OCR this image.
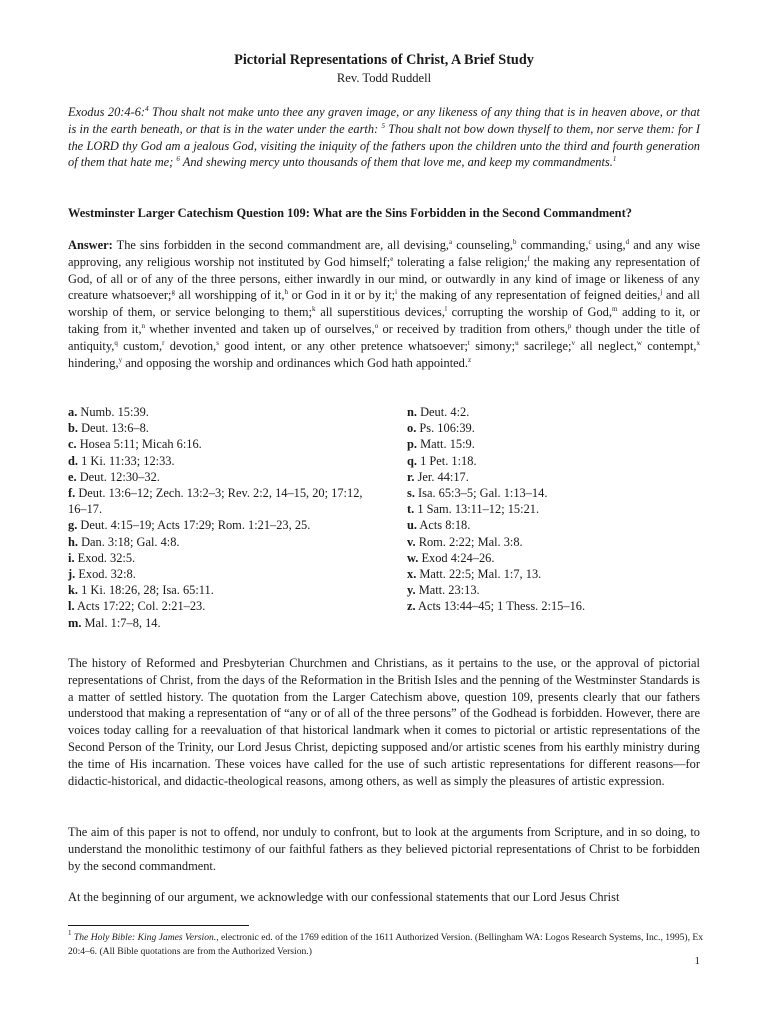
Pictorial Representations of Christ, A Brief Study
Rev. Todd Ruddell
Exodus 20:4-6:$^4$ Thou shalt not make unto thee any graven image, or any likeness of any thing that is in heaven above, or that is in the earth beneath, or that is in the water under the earth: $^5$ Thou shalt not bow down thyself to them, nor serve them: for I the LORD thy God am a jealous God, visiting the iniquity of the fathers upon the children unto the third and fourth generation of them that hate me; $^6$ And shewing mercy unto thousands of them that love me, and keep my commandments.$^1$
Westminster Larger Catechism Question 109: What are the Sins Forbidden in the Second Commandment?
Answer: The sins forbidden in the second commandment are, all devising,$^a$ counseling,$^b$ commanding,$^c$ using,$^d$ and any wise approving, any religious worship not instituted by God himself;$^e$ tolerating a false religion;$^f$ the making any representation of God, of all or of any of the three persons, either inwardly in our mind, or outwardly in any kind of image or likeness of any creature whatsoever;$^g$ all worshipping of it,$^h$ or God in it or by it;$^i$ the making of any representation of feigned deities,$^j$ and all worship of them, or service belonging to them;$^k$ all superstitious devices,$^l$ corrupting the worship of God,$^m$ adding to it, or taking from it,$^n$ whether invented and taken up of ourselves,$^o$ or received by tradition from others,$^p$ though under the title of antiquity,$^q$ custom,$^r$ devotion,$^s$ good intent, or any other pretence whatsoever;$^t$ simony;$^u$ sacrilege;$^v$ all neglect,$^w$ contempt,$^x$ hindering,$^y$ and opposing the worship and ordinances which God hath appointed.$^z$
a. Numb. 15:39.
b. Deut. 13:6–8.
c. Hosea 5:11; Micah 6:16.
d. 1 Ki. 11:33; 12:33.
e. Deut. 12:30–32.
f. Deut. 13:6–12; Zech. 13:2–3; Rev. 2:2, 14–15, 20; 17:12, 16–17.
g. Deut. 4:15–19; Acts 17:29; Rom. 1:21–23, 25.
h. Dan. 3:18; Gal. 4:8.
i. Exod. 32:5.
j. Exod. 32:8.
k. 1 Ki. 18:26, 28; Isa. 65:11.
l. Acts 17:22; Col. 2:21–23.
m. Mal. 1:7–8, 14.
n. Deut. 4:2.
o. Ps. 106:39.
p. Matt. 15:9.
q. 1 Pet. 1:18.
r. Jer. 44:17.
s. Isa. 65:3–5; Gal. 1:13–14.
t. 1 Sam. 13:11–12; 15:21.
u. Acts 8:18.
v. Rom. 2:22; Mal. 3:8.
w. Exod 4:24–26.
x. Matt. 22:5; Mal. 1:7, 13.
y. Matt. 23:13.
z. Acts 13:44–45; 1 Thess. 2:15–16.
The history of Reformed and Presbyterian Churchmen and Christians, as it pertains to the use, or the approval of pictorial representations of Christ, from the days of the Reformation in the British Isles and the penning of the Westminster Standards is a matter of settled history. The quotation from the Larger Catechism above, question 109, presents clearly that our fathers understood that making a representation of “any or of all of the three persons” of the Godhead is forbidden. However, there are voices today calling for a reevaluation of that historical landmark when it comes to pictorial or artistic representations of the Second Person of the Trinity, our Lord Jesus Christ, depicting supposed and/or artistic scenes from his earthly ministry during the time of His incarnation. These voices have called for the use of such artistic representations for different reasons—for didactic-historical, and didactic-theological reasons, among others, as well as simply the pleasures of artistic expression.
The aim of this paper is not to offend, nor unduly to confront, but to look at the arguments from Scripture, and in so doing, to understand the monolithic testimony of our faithful fathers as they believed pictorial representations of Christ to be forbidden by the second commandment.
At the beginning of our argument, we acknowledge with our confessional statements that our Lord Jesus Christ
$^1$ The Holy Bible: King James Version., electronic ed. of the 1769 edition of the 1611 Authorized Version. (Bellingham WA: Logos Research Systems, Inc., 1995), Ex 20:4–6. (All Bible quotations are from the Authorized Version.)
1
